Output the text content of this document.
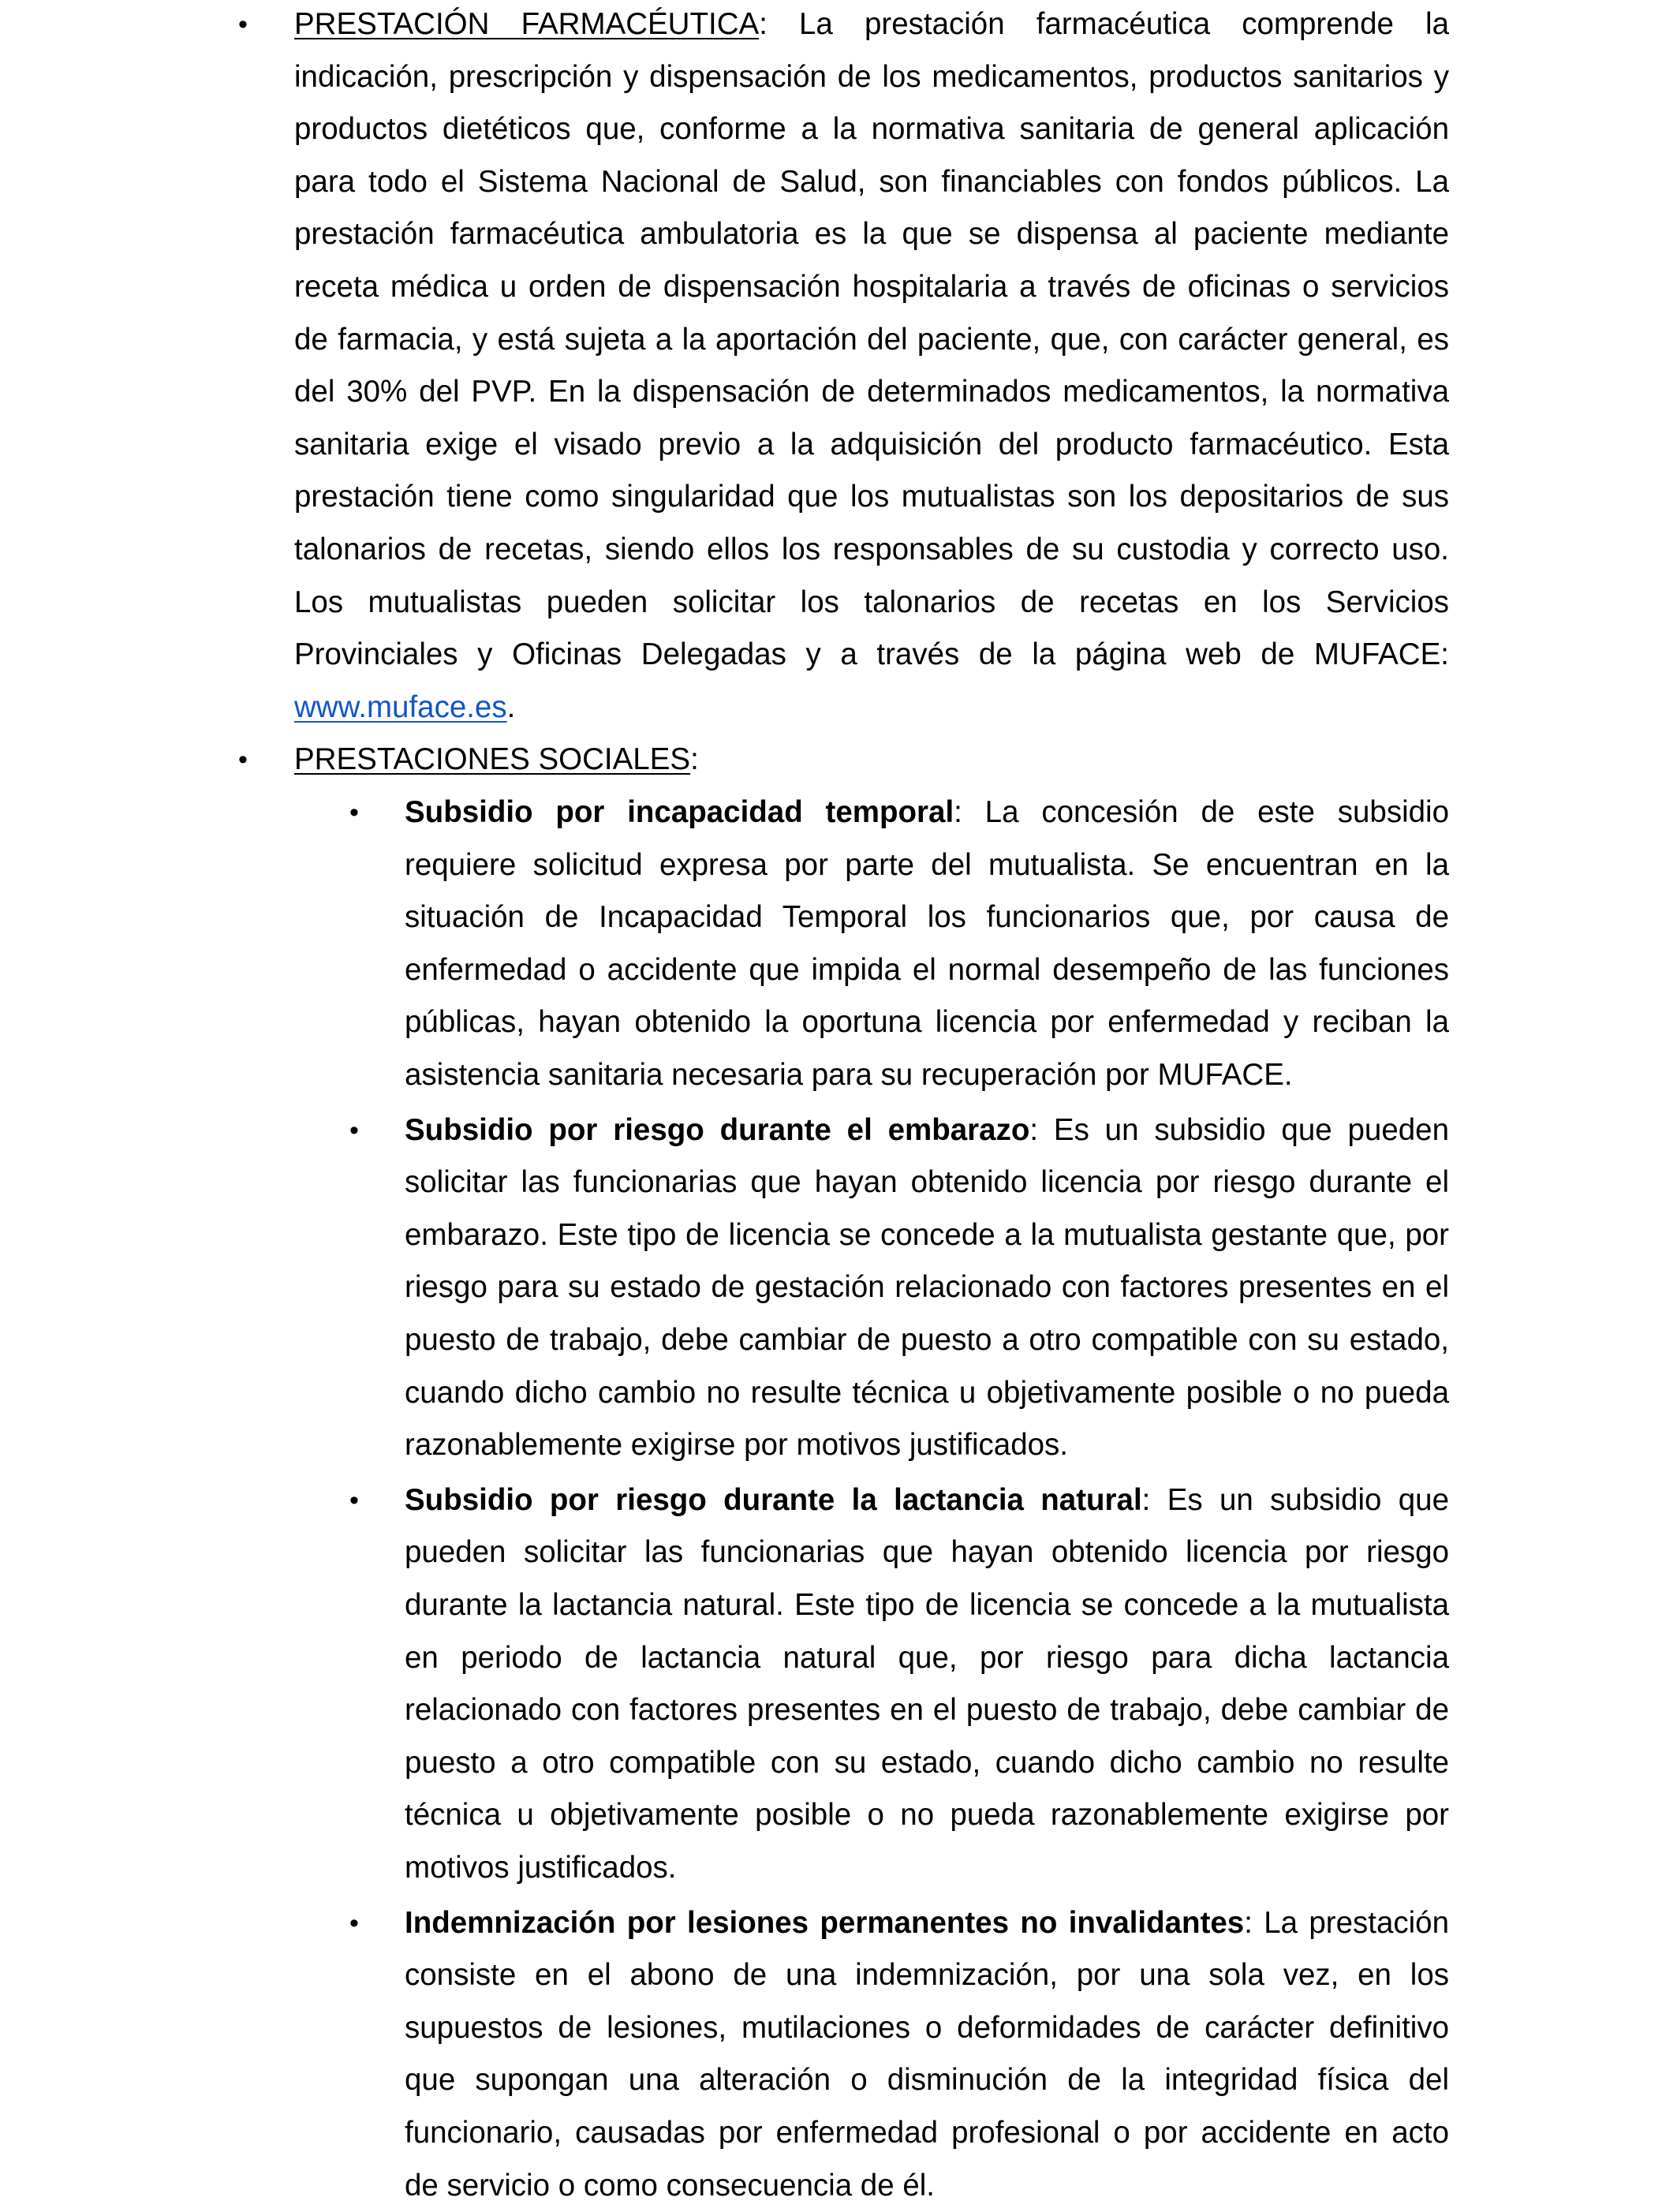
• PRESTACIÓN FARMACÉUTICA: La prestación farmacéutica comprende la
indicación, prescripción y dispensación de los medicamentos, productos sanitarios y
productos dietéticos que, conforme a la normativa sanitaria de general aplicación
para todo el Sistema Nacional de Salud, son financiables con fondos públicos. La
prestación farmacéutica ambulatoria es la que se dispensa al paciente mediante
receta médica u orden de dispensación hospitalaria a través de oficinas o servicios
de farmacia, y está sujeta a la aportación del paciente, que, con carácter general, es
del 30% del PVP. En la dispensación de determinados medicamentos, la normativa
sanitaria exige el visado previo a la adquisición del producto farmacéutico. Esta
prestación tiene como singularidad que los mutualistas son los depositarios de sus
talonarios de recetas, siendo ellos los responsables de su custodia y correcto uso.
Los mutualistas pueden solicitar los talonarios de recetas en los Servicios
Provinciales y Oficinas Delegadas y a través de la página web de MUFACE:
www.muface.es.
• PRESTACIONES SOCIALES:
• Subsidio por incapacidad temporal: La concesión de este subsidio
requiere solicitud expresa por parte del mutualista. Se encuentran en la
situación de Incapacidad Temporal los funcionarios que, por causa de
enfermedad o accidente que impida el normal desempeño de las funciones
públicas, hayan obtenido la oportuna licencia por enfermedad y reciban la
asistencia sanitaria necesaria para su recuperación por MUFACE.
• Subsidio por riesgo durante el embarazo: Es un subsidio que pueden
solicitar las funcionarias que hayan obtenido licencia por riesgo durante el
embarazo. Este tipo de licencia se concede a la mutualista gestante que, por
riesgo para su estado de gestación relacionado con factores presentes en el
puesto de trabajo, debe cambiar de puesto a otro compatible con su estado,
cuando dicho cambio no resulte técnica u objetivamente posible o no pueda
razonablemente exigirse por motivos justificados.
• Subsidio por riesgo durante la lactancia natural: Es un subsidio que
pueden solicitar las funcionarias que hayan obtenido licencia por riesgo
durante la lactancia natural. Este tipo de licencia se concede a la mutualista
en periodo de lactancia natural que, por riesgo para dicha lactancia
relacionado con factores presentes en el puesto de trabajo, debe cambiar de
puesto a otro compatible con su estado, cuando dicho cambio no resulte
técnica u objetivamente posible o no pueda razonablemente exigirse por
motivos justificados.
• Indemnización por lesiones permanentes no invalidantes: La prestación
consiste en el abono de una indemnización, por una sola vez, en los
supuestos de lesiones, mutilaciones o deformidades de carácter definitivo
que supongan una alteración o disminución de la integridad física del
funcionario, causadas por enfermedad profesional o por accidente en acto
de servicio o como consecuencia de él.
